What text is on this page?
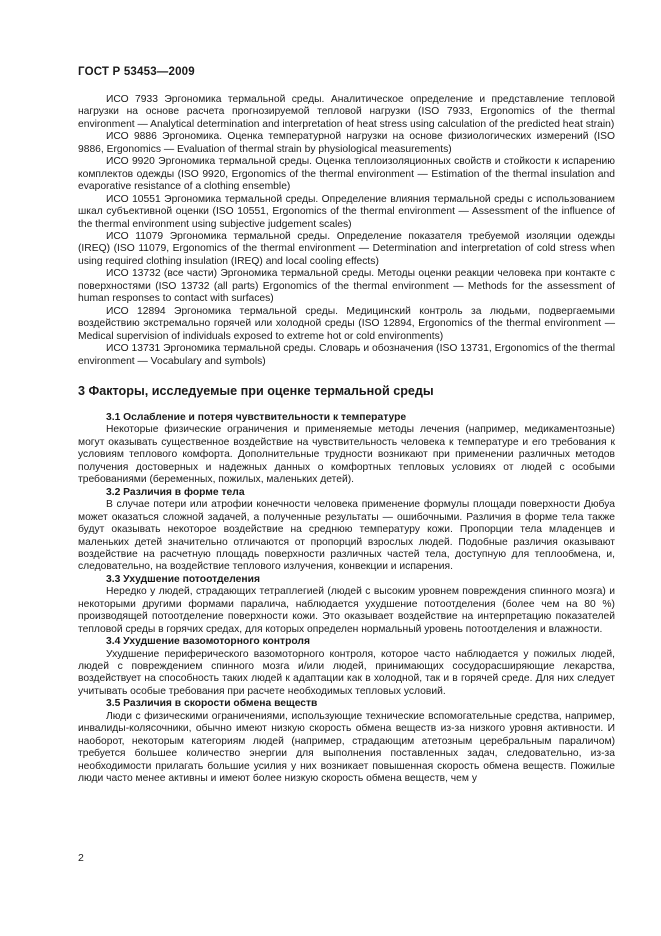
ГОСТ Р 53453—2009

ИСО 7933 Эргономика термальной среды. Аналитическое определение и представление тепловой нагрузки на основе расчета прогнозируемой тепловой нагрузки (ISO 7933, Ergonomics of the thermal environment — Analytical determination and interpretation of heat stress using calculation of the predicted heat strain)

ИСО 9886 Эргономика. Оценка температурной нагрузки на основе физиологических измерений (ISO 9886, Ergonomics — Evaluation of thermal strain by physiological measurements)

ИСО 9920 Эргономика термальной среды. Оценка теплоизоляционных свойств и стойкости к испарению комплектов одежды (ISO 9920, Ergonomics of the thermal environment — Estimation of the thermal insulation and evaporative resistance of a clothing ensemble)

ИСО 10551 Эргономика термальной среды. Определение влияния термальной среды с использованием шкал субъективной оценки (ISO 10551, Ergonomics of the thermal environment — Assessment of the influence of the thermal environment using subjective judgement scales)

ИСО 11079 Эргономика термальной среды. Определение показателя требуемой изоляции одежды (IREQ) (ISO 11079, Ergonomics of the thermal environment — Determination and interpretation of cold stress when using required clothing insulation (IREQ) and local cooling effects)

ИСО 13732 (все части) Эргономика термальной среды. Методы оценки реакции человека при контакте с поверхностями (ISO 13732 (all parts) Ergonomics of the thermal environment — Methods for the assessment of human responses to contact with surfaces)

ИСО 12894 Эргономика термальной среды. Медицинский контроль за людьми, подвергаемыми воздействию экстремально горячей или холодной среды (ISO 12894, Ergonomics of the thermal environment — Medical supervision of individuals exposed to extreme hot or cold environments)

ИСО 13731 Эргономика термальной среды. Словарь и обозначения (ISO 13731, Ergonomics of the thermal environment — Vocabulary and symbols)

3 Факторы, исследуемые при оценке термальной среды

3.1 Ослабление и потеря чувствительности к температуре

Некоторые физические ограничения и применяемые методы лечения (например, медикаментозные) могут оказывать существенное воздействие на чувствительность человека к температуре и его требования к условиям теплового комфорта. Дополнительные трудности возникают при применении различных методов получения достоверных и надежных данных о комфортных тепловых условиях от людей с особыми требованиями (беременных, пожилых, маленьких детей).

3.2 Различия в форме тела

В случае потери или атрофии конечности человека применение формулы площади поверхности Дюбуа может оказаться сложной задачей, а полученные результаты — ошибочными. Различия в форме тела также будут оказывать некоторое воздействие на среднюю температуру кожи. Пропорции тела младенцев и маленьких детей значительно отличаются от пропорций взрослых людей. Подобные различия оказывают воздействие на расчетную площадь поверхности различных частей тела, доступную для теплообмена, и, следовательно, на воздействие теплового излучения, конвекции и испарения.

3.3 Ухудшение потоотделения

Нередко у людей, страдающих тетраплегией (людей с высоким уровнем повреждения спинного мозга) и некоторыми другими формами паралича, наблюдается ухудшение потоотделения (более чем на 80 %) производящей потоотделение поверхности кожи. Это оказывает воздействие на интерпретацию показателей тепловой среды в горячих средах, для которых определен нормальный уровень потоотделения и влажности.

3.4 Ухудшение вазомоторного контроля

Ухудшение периферического вазомоторного контроля, которое часто наблюдается у пожилых людей, людей с повреждением спинного мозга и/или людей, принимающих сосудорасширяющие лекарства, воздействует на способность таких людей к адаптации как в холодной, так и в горячей среде. Для них следует учитывать особые требования при расчете необходимых тепловых условий.

3.5 Различия в скорости обмена веществ

Люди с физическими ограничениями, использующие технические вспомогательные средства, например, инвалиды-колясочники, обычно имеют низкую скорость обмена веществ из-за низкого уровня активности. И наоборот, некоторым категориям людей (например, страдающим атетозным церебральным параличом) требуется большее количество энергии для выполнения поставленных задач, следовательно, из-за необходимости прилагать большие усилия у них возникает повышенная скорость обмена веществ. Пожилые люди часто менее активны и имеют более низкую скорость обмена веществ, чем у

2
